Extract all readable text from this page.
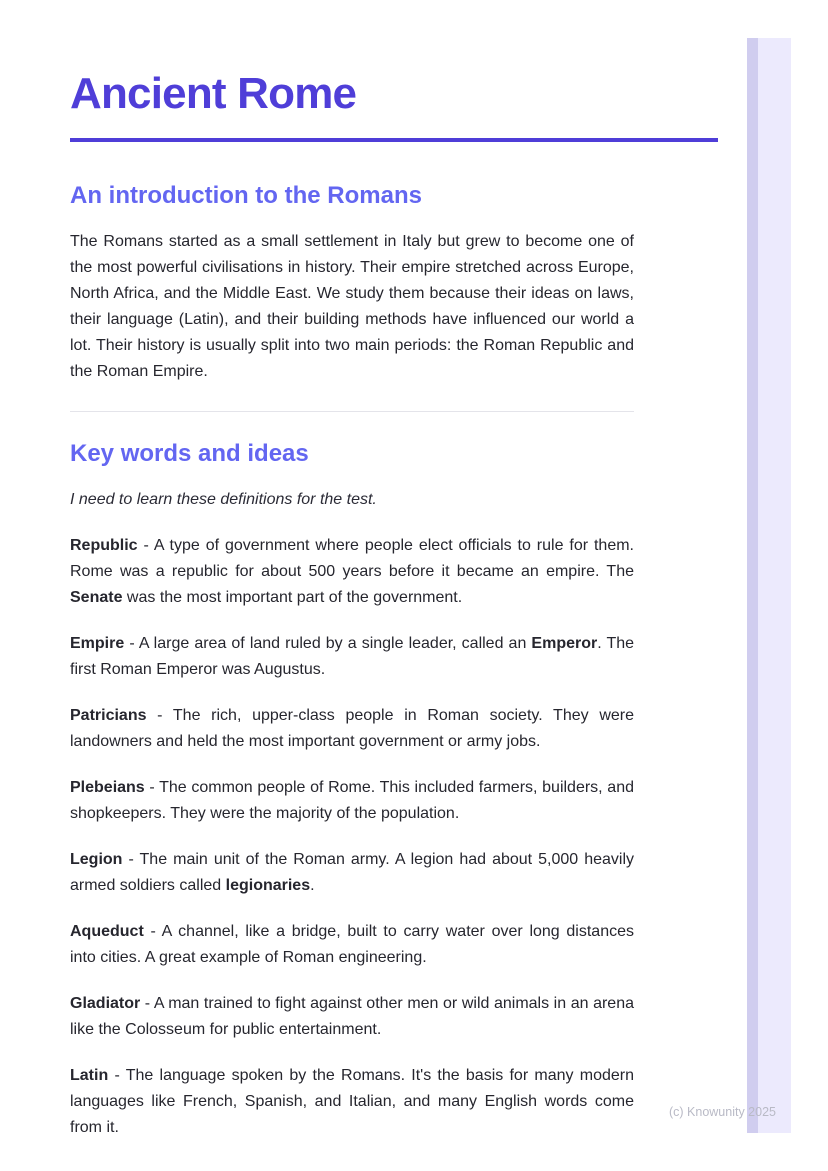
Ancient Rome
An introduction to the Romans

The Romans started as a small settlement in Italy but grew to become one of the most powerful civilisations in history. Their empire stretched across Europe, North Africa, and the Middle East. We study them because their ideas on laws, their language (Latin), and their building methods have influenced our world a lot. Their history is usually split into two main periods: the Roman Republic and the Roman Empire.

Key words and ideas

I need to learn these definitions for the test.

Republic - A type of government where people elect officials to rule for them. Rome was a republic for about 500 years before it became an empire. The Senate was the most important part of the government.

Empire - A large area of land ruled by a single leader, called an Emperor. The first Roman Emperor was Augustus.

Patricians - The rich, upper-class people in Roman society. They were landowners and held the most important government or army jobs.

Plebeians - The common people of Rome. This included farmers, builders, and shopkeepers. They were the majority of the population.

Legion - The main unit of the Roman army. A legion had about 5,000 heavily armed soldiers called legionaries.

Aqueduct - A channel, like a bridge, built to carry water over long distances into cities. A great example of Roman engineering.

Gladiator - A man trained to fight against other men or wild animals in an arena like the Colosseum for public entertainment.

Latin - The language spoken by the Romans. It's the basis for many modern languages like French, Spanish, and Italian, and many English words come from it.

(c) Knowunity 2025
